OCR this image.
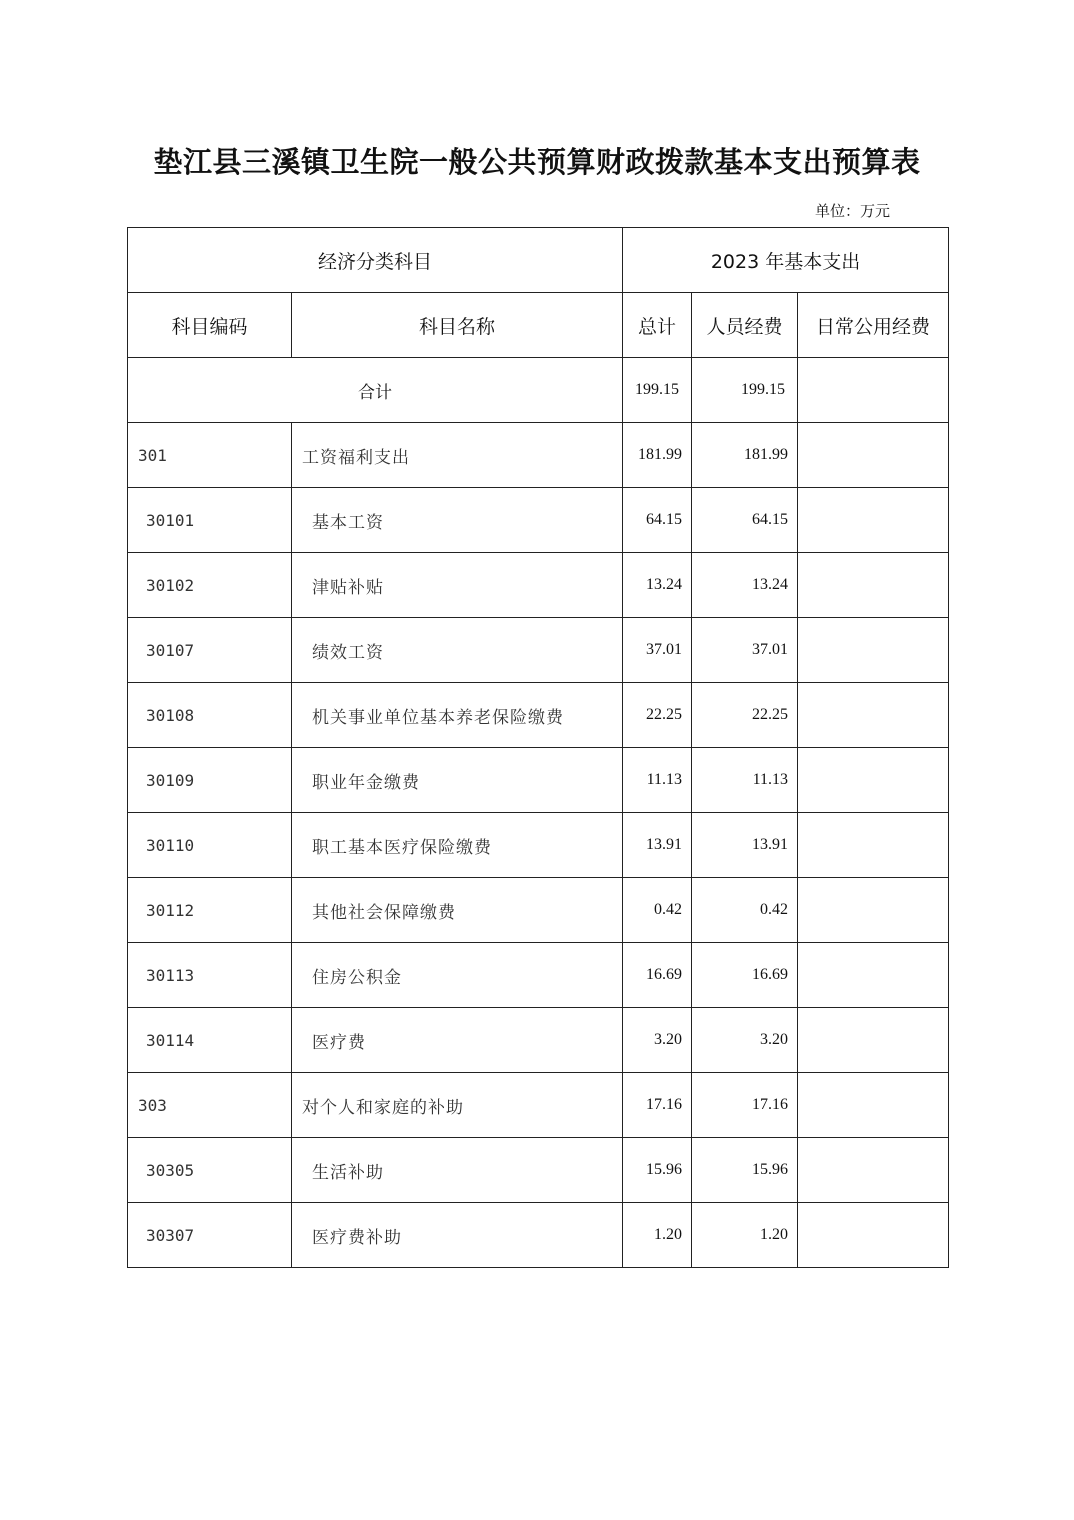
垫江县三溪镇卫生院一般公共预算财政拨款基本支出预算表
单位：万元
经济分类科目		2023 年基本支出		
科目编码	科目名称	总计	人员经费	日常公用经费
合计		199.15	199.15	
301	工资福利支出	181.99	181.99	
30101	基本工资	64.15	64.15	
30102	津贴补贴	13.24	13.24	
30107	绩效工资	37.01	37.01	
30108	机关事业单位基本养老保险缴费	22.25	22.25	
30109	职业年金缴费	11.13	11.13	
30110	职工基本医疗保险缴费	13.91	13.91	
30112	其他社会保障缴费	0.42	0.42	
30113	住房公积金	16.69	16.69	
30114	医疗费	3.20	3.20	
303	对个人和家庭的补助	17.16	17.16	
30305	生活补助	15.96	15.96	
30307	医疗费补助	1.20	1.20	
